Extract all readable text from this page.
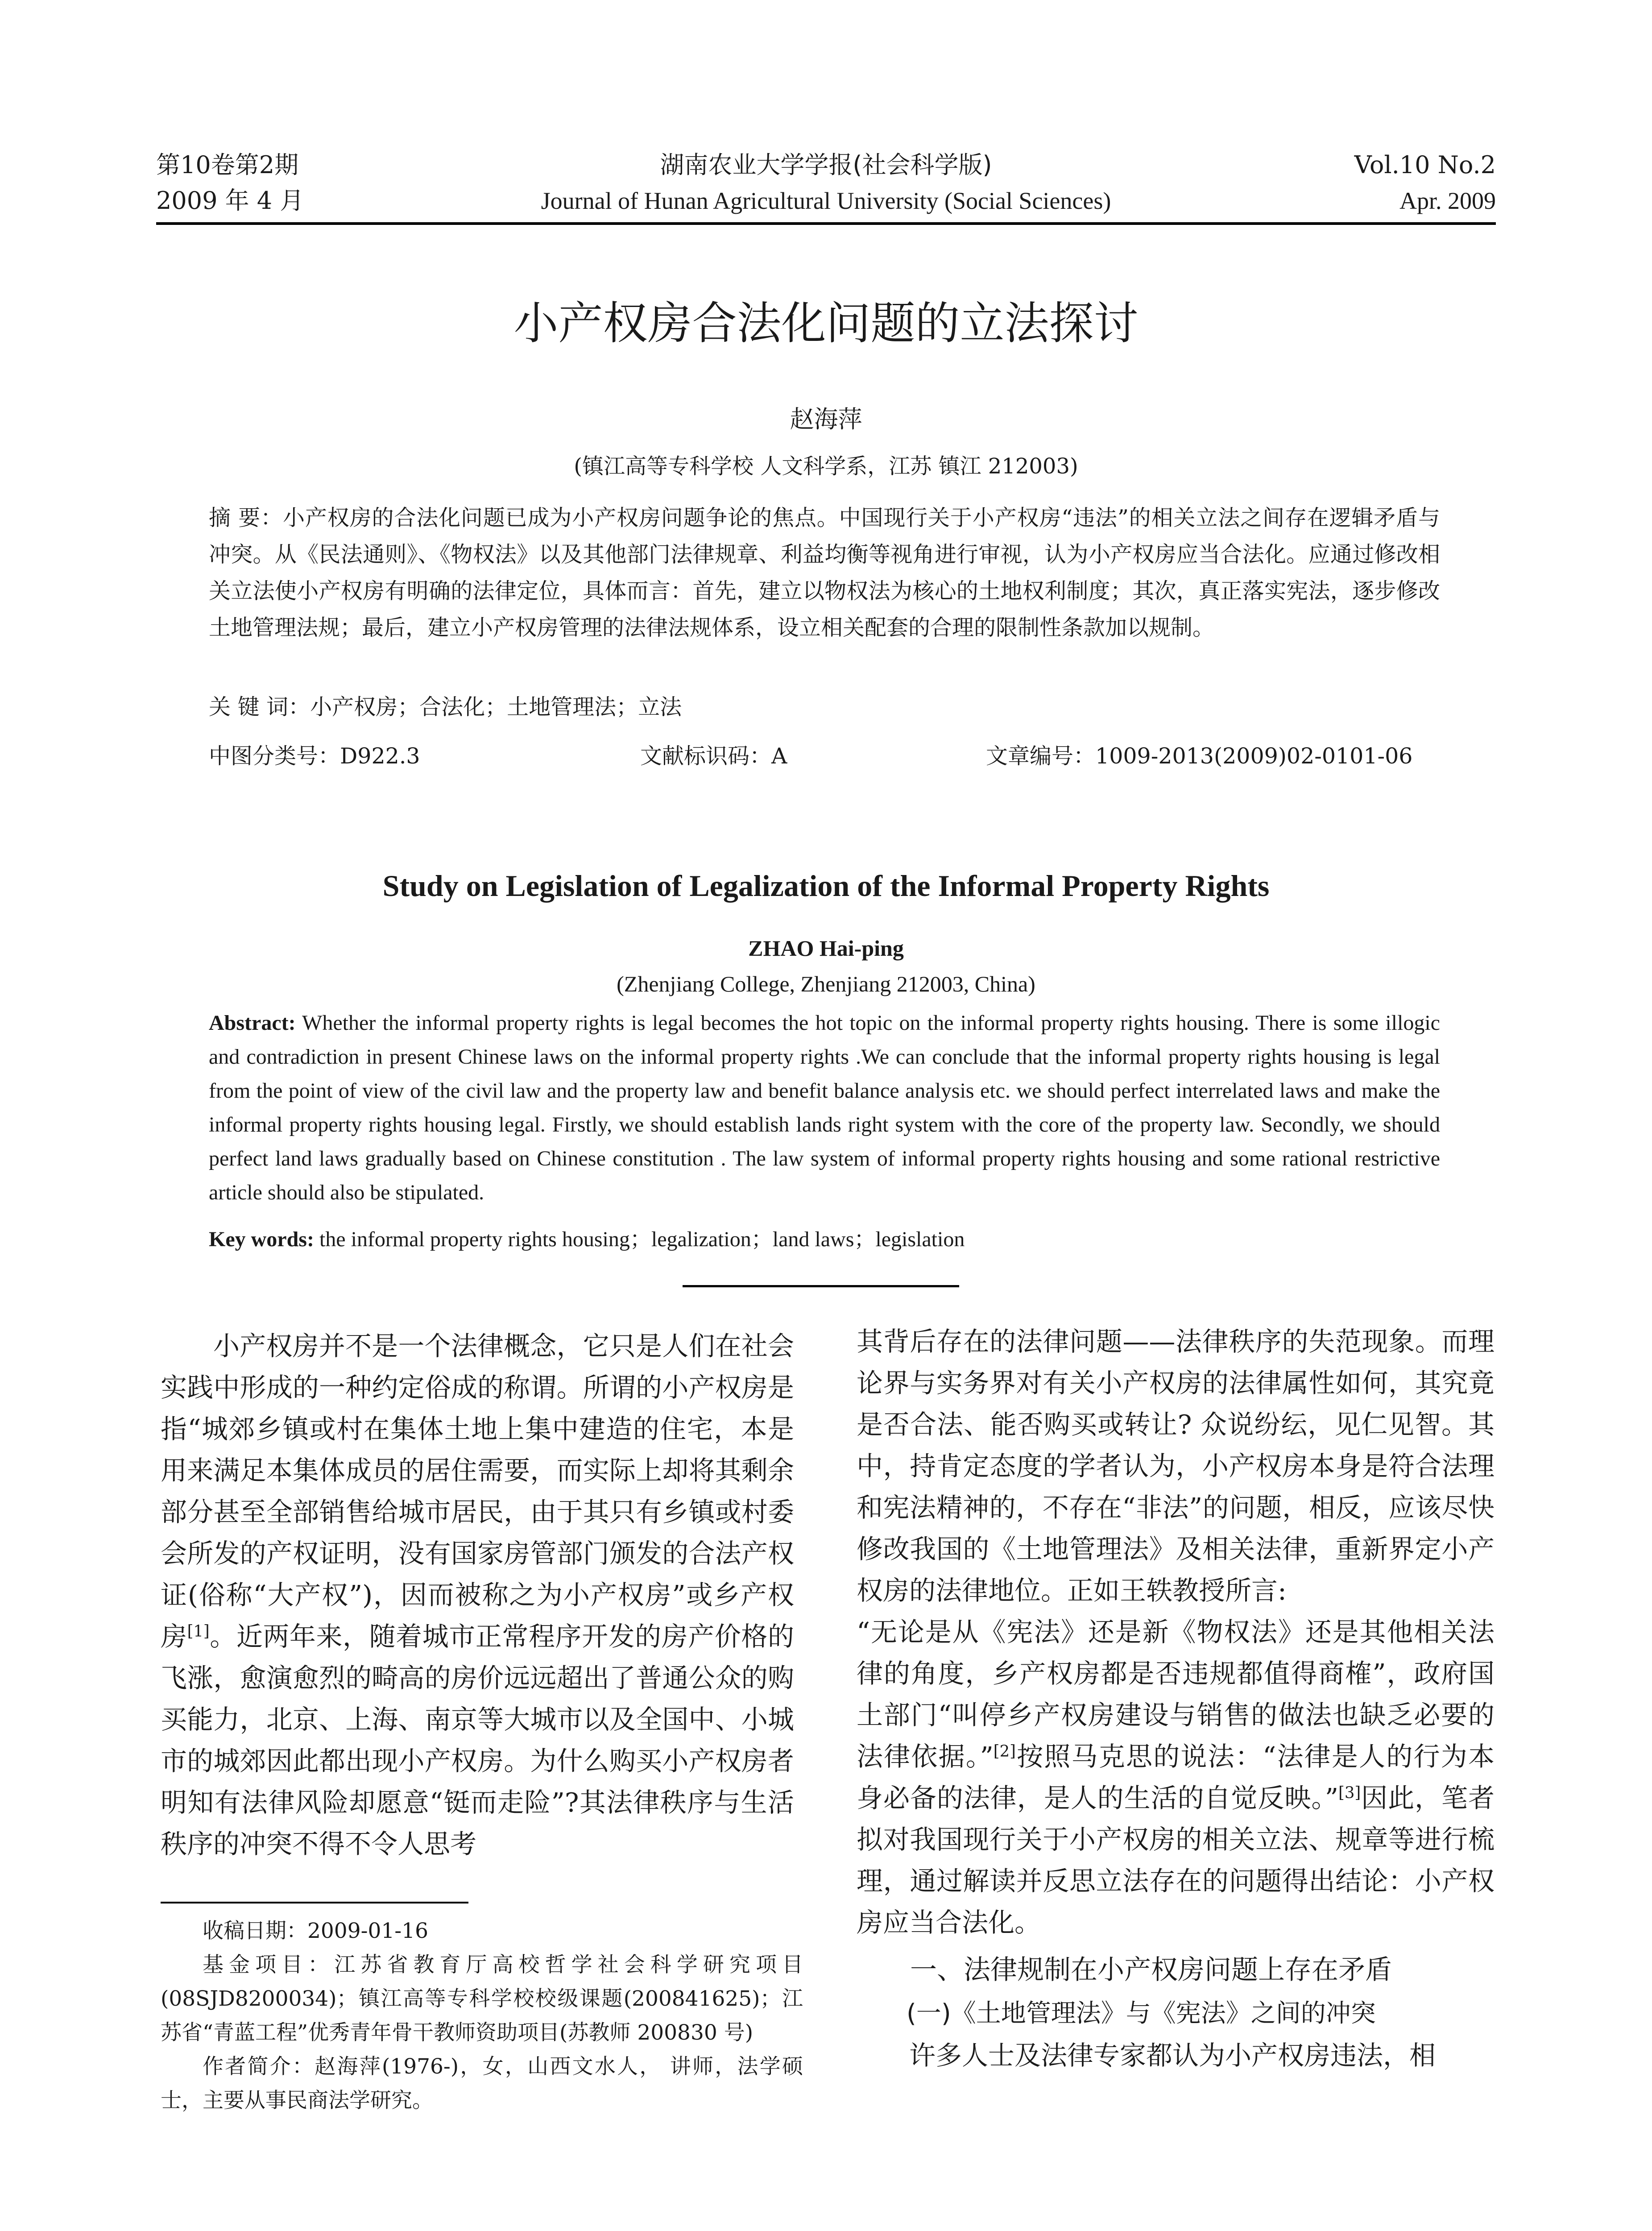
第10卷第2期	湖南农业大学学报(社会科学版)	Vol.10 No.2
2009 年 4 月	Journal of Hunan Agricultural University (Social Sciences)	Apr. 2009
小产权房合法化问题的立法探讨
赵海萍
(镇江高等专科学校 人文科学系，江苏 镇江 212003)
摘 要：小产权房的合法化问题已成为小产权房问题争论的焦点。中国现行关于小产权房“违法”的相关立法之间存在逻辑矛盾与冲突。从《民法通则》、《物权法》以及其他部门法律规章、利益均衡等视角进行审视，认为小产权房应当合法化。应通过修改相关立法使小产权房有明确的法律定位，具体而言：首先，建立以物权法为核心的土地权利制度；其次，真正落实宪法，逐步修改土地管理法规；最后，建立小产权房管理的法律法规体系，设立相关配套的合理的限制性条款加以规制。
关 键 词：小产权房；合法化；土地管理法；立法
中图分类号：D922.3	文献标识码：A	文章编号：1009-2013(2009)02-0101-06
Study on Legislation of Legalization of the Informal Property Rights
ZHAO Hai-ping
(Zhenjiang College, Zhenjiang 212003, China)
Abstract: Whether the informal property rights is legal becomes the hot topic on the informal property rights housing. There is some illogic and contradiction in present Chinese laws on the informal property rights .We can conclude that the informal property rights housing is legal from the point of view of the civil law and the property law and benefit balance analysis etc. we should perfect interrelated laws and make the informal property rights housing legal. Firstly, we should establish lands right system with the core of the property law. Secondly, we should perfect land laws gradually based on Chinese constitution . The law system of informal property rights housing and some rational restrictive article should also be stipulated.
Key words: the informal property rights housing；legalization；land laws；legislation

小产权房并不是一个法律概念，它只是人们在社会实践中形成的一种约定俗成的称谓。所谓的小产权房是指“城郊乡镇或村在集体土地上集中建造的住宅，本是用来满足本集体成员的居住需要，而实际上却将其剩余部分甚至全部销售给城市居民，由于其只有乡镇或村委会所发的产权证明，没有国家房管部门颁发的合法产权证(俗称“大产权”)，因而被称之为小产权房”或乡产权房[1]。近两年来，随着城市正常程序开发的房产价格的飞涨，愈演愈烈的畸高的房价远远超出了普通公众的购买能力，北京、上海、南京等大城市以及全国中、小城市的城郊因此都出现小产权房。为什么购买小产权房者明知有法律风险却愿意“铤而走险”?其法律秩序与生活秩序的冲突不得不令人思考

收稿日期：2009-01-16

基金项目：江苏省教育厅高校哲学社会科学研究项目(08SJD8200034)；镇江高等专科学校校级课题(200841625)；江苏省“青蓝工程”优秀青年骨干教师资助项目(苏教师 200830 号)

作者简介：赵海萍(1976-)，女，山西文水人， 讲师，法学硕士，主要从事民商法学研究。

其背后存在的法律问题——法律秩序的失范现象。而理论界与实务界对有关小产权房的法律属性如何，其究竟是否合法、能否购买或转让? 众说纷纭，见仁见智。其中，持肯定态度的学者认为，小产权房本身是符合法理和宪法精神的，不存在“非法”的问题，相反，应该尽快修改我国的《土地管理法》及相关法律，重新界定小产权房的法律地位。正如王轶教授所言:

“无论是从《宪法》还是新《物权法》还是其他相关法律的角度，乡产权房都是否违规都值得商榷”，政府国土部门“叫停乡产权房建设与销售的做法也缺乏必要的法律依据。”[2]按照马克思的说法：“法律是人的行为本身必备的法律，是人的生活的自觉反映。”[3]因此，笔者拟对我国现行关于小产权房的相关立法、规章等进行梳理，通过解读并反思立法存在的问题得出结论：小产权房应当合法化。

一、法律规制在小产权房问题上存在矛盾
(一)《土地管理法》与《宪法》之间的冲突

许多人士及法律专家都认为小产权房违法，相
